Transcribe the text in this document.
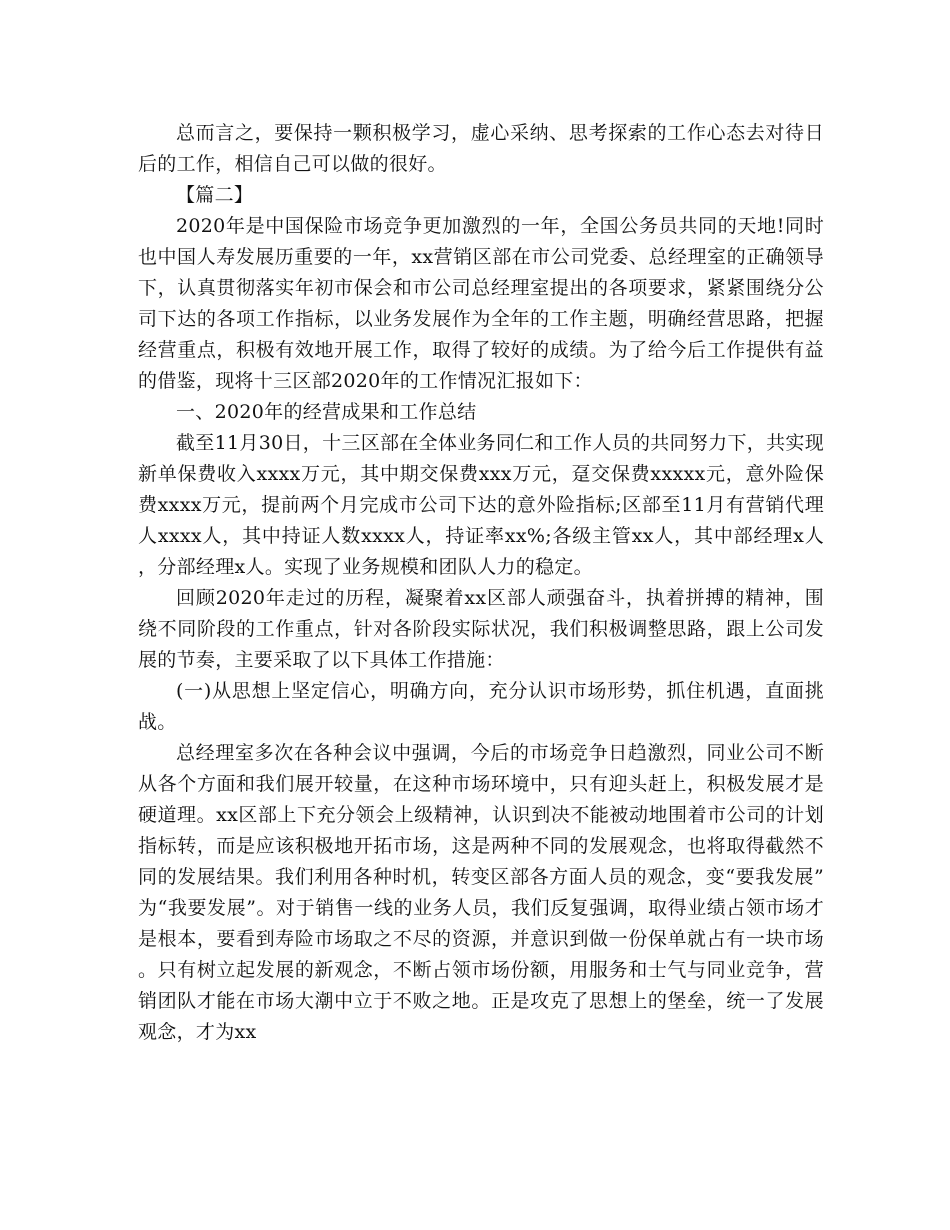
总而言之，要保持一颗积极学习，虚心采纳、思考探索的工作心态去对待日后的工作，相信自己可以做的很好。

【篇二】

2020年是中国保险市场竞争更加激烈的一年，全国公务员共同的天地!同时也中国人寿发展历重要的一年，xx营销区部在市公司党委、总经理室的正确领导下，认真贯彻落实年初市保会和市公司总经理室提出的各项要求，紧紧围绕分公司下达的各项工作指标，以业务发展作为全年的工作主题，明确经营思路，把握经营重点，积极有效地开展工作，取得了较好的成绩。为了给今后工作提供有益的借鉴，现将十三区部2020年的工作情况汇报如下：

一、2020年的经营成果和工作总结

截至11月30日，十三区部在全体业务同仁和工作人员的共同努力下，共实现新单保费收入xxxx万元，其中期交保费xxx万元，趸交保费xxxxx元，意外险保费xxxx万元，提前两个月完成市公司下达的意外险指标;区部至11月有营销代理人xxxx人，其中持证人数xxxx人，持证率xx%;各级主管xx人，其中部经理x人，分部经理x人。实现了业务规模和团队人力的稳定。

回顾2020年走过的历程，凝聚着xx区部人顽强奋斗，执着拼搏的精神，围绕不同阶段的工作重点，针对各阶段实际状况，我们积极调整思路，跟上公司发展的节奏，主要采取了以下具体工作措施：

(一)从思想上坚定信心，明确方向，充分认识市场形势，抓住机遇，直面挑战。

总经理室多次在各种会议中强调，今后的市场竞争日趋激烈，同业公司不断从各个方面和我们展开较量，在这种市场环境中，只有迎头赶上，积极发展才是硬道理。xx区部上下充分领会上级精神，认识到决不能被动地围着市公司的计划指标转，而是应该积极地开拓市场，这是两种不同的发展观念，也将取得截然不同的发展结果。我们利用各种时机，转变区部各方面人员的观念，变“要我发展”为“我要发展”。对于销售一线的业务人员，我们反复强调，取得业绩占领市场才是根本，要看到寿险市场取之不尽的资源，并意识到做一份保单就占有一块市场。只有树立起发展的新观念，不断占领市场份额，用服务和士气与同业竞争，营销团队才能在市场大潮中立于不败之地。正是攻克了思想上的堡垒，统一了发展观念，才为xx
